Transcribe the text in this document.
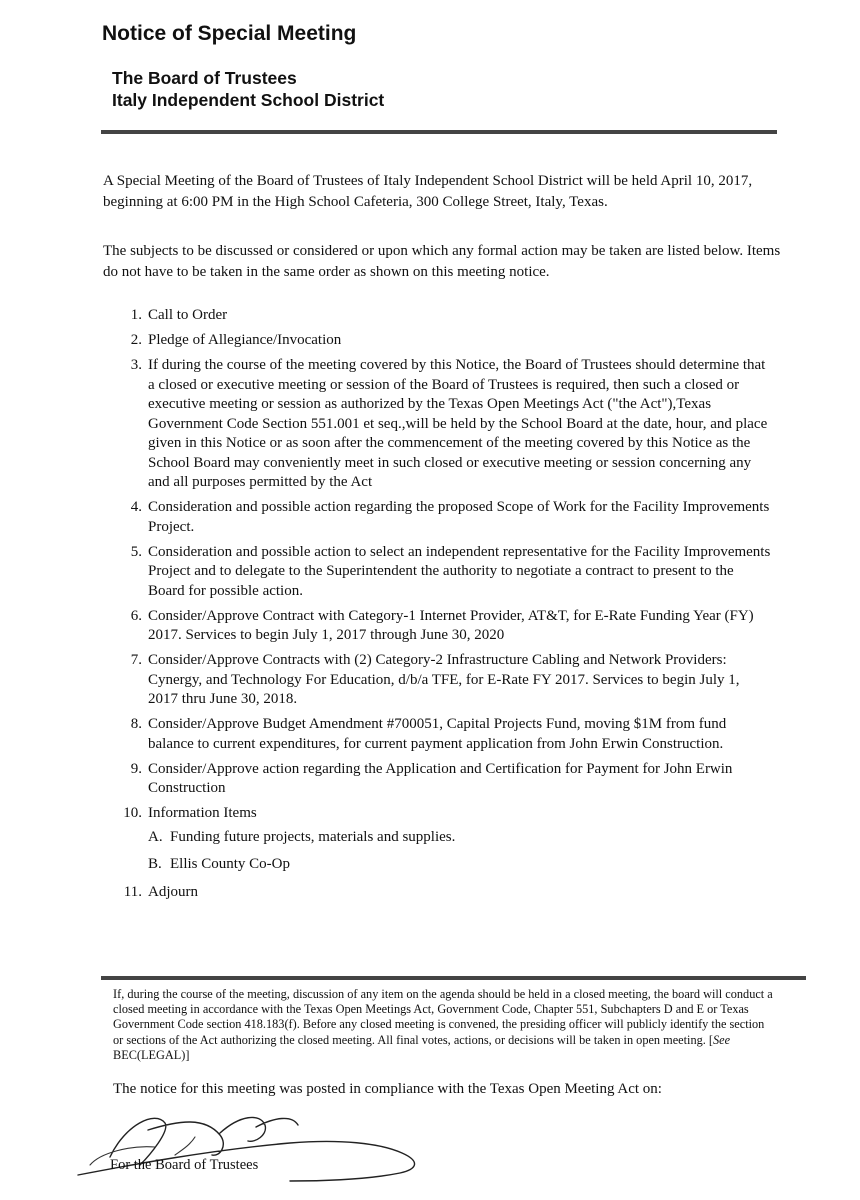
Notice of Special Meeting
The Board of Trustees
Italy Independent School District
A Special Meeting of the Board of Trustees of Italy Independent School District will be held April 10, 2017, beginning at 6:00 PM in the High School Cafeteria, 300 College Street, Italy, Texas.
The subjects to be discussed or considered or upon which any formal action may be taken are listed below. Items do not have to be taken in the same order as shown on this meeting notice.
1. Call to Order
2. Pledge of Allegiance/Invocation
3. If during the course of the meeting covered by this Notice, the Board of Trustees should determine that a closed or executive meeting or session of the Board of Trustees is required, then such a closed or executive meeting or session as authorized by the Texas Open Meetings Act ("the Act"),Texas Government Code Section 551.001 et seq.,will be held by the School Board at the date, hour, and place given in this Notice or as soon after the commencement of the meeting covered by this Notice as the School Board may conveniently meet in such closed or executive meeting or session concerning any and all purposes permitted by the Act
4. Consideration and possible action regarding the proposed Scope of Work for the Facility Improvements Project.
5. Consideration and possible action to select an independent representative for the Facility Improvements Project and to delegate to the Superintendent the authority to negotiate a contract to present to the Board for possible action.
6. Consider/Approve Contract with Category-1 Internet Provider, AT&T, for E-Rate Funding Year (FY) 2017. Services to begin July 1, 2017 through June 30, 2020
7. Consider/Approve Contracts with (2) Category-2 Infrastructure Cabling and Network Providers: Cynergy, and Technology For Education, d/b/a TFE, for E-Rate FY 2017. Services to begin July 1, 2017 thru June 30, 2018.
8. Consider/Approve Budget Amendment #700051, Capital Projects Fund, moving $1M from fund balance to current expenditures, for current payment application from John Erwin Construction.
9. Consider/Approve action regarding the Application and Certification for Payment for John Erwin Construction
10. Information Items
A. Funding future projects, materials and supplies.
B. Ellis County Co-Op
11. Adjourn
If, during the course of the meeting, discussion of any item on the agenda should be held in a closed meeting, the board will conduct a closed meeting in accordance with the Texas Open Meetings Act, Government Code, Chapter 551, Subchapters D and E or Texas Government Code section 418.183(f). Before any closed meeting is convened, the presiding officer will publicly identify the section or sections of the Act authorizing the closed meeting. All final votes, actions, or decisions will be taken in open meeting. [See BEC(LEGAL)]
The notice for this meeting was posted in compliance with the Texas Open Meeting Act on:
For the Board of Trustees
